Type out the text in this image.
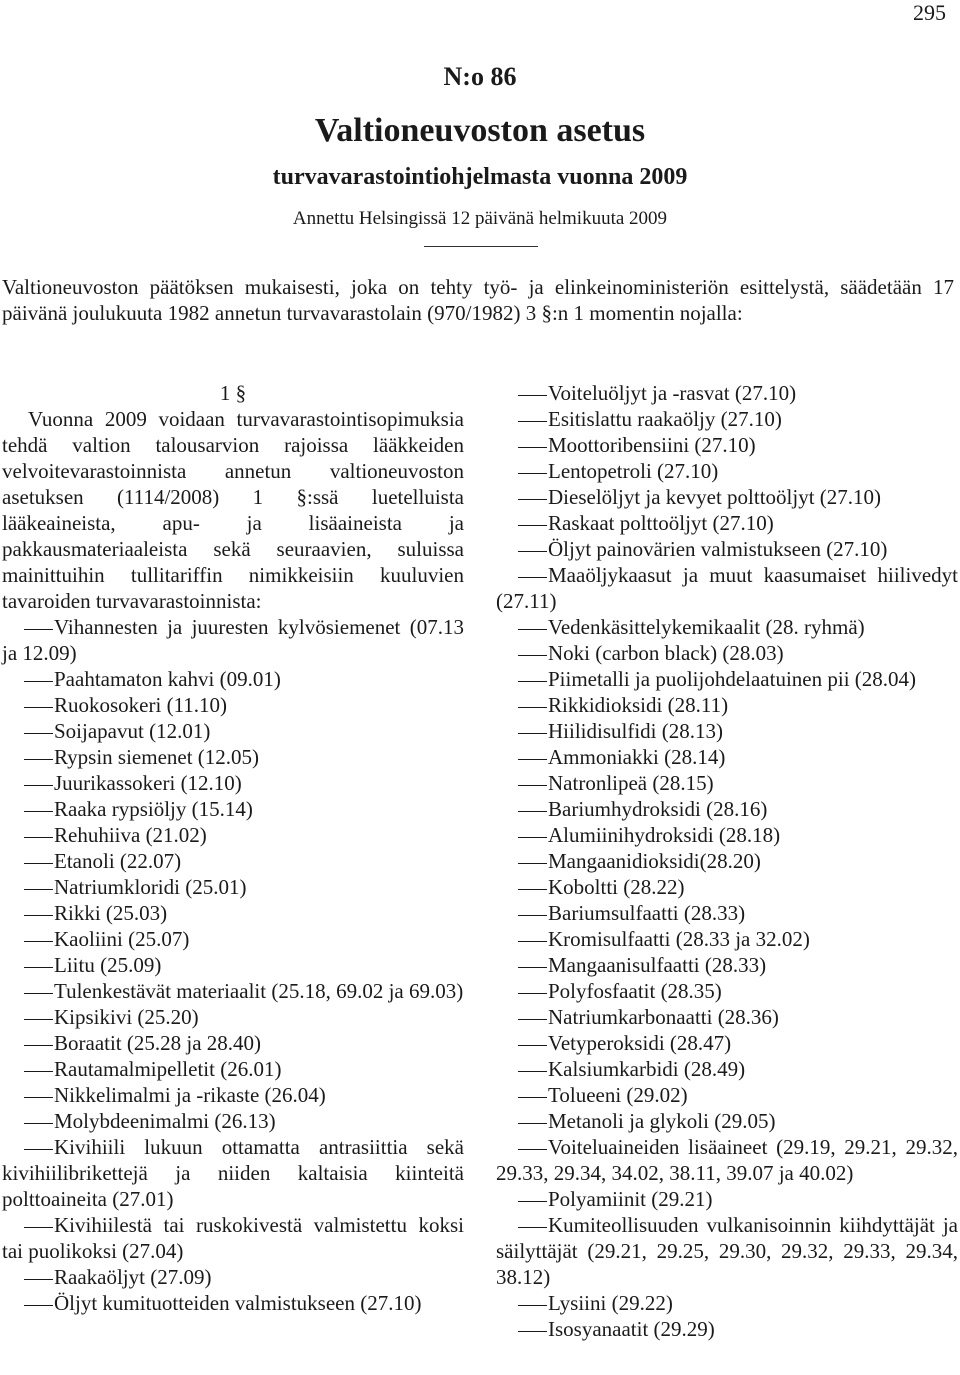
295
N:o 86
Valtioneuvoston asetus
turvavarastointiohjelmasta vuonna 2009
Annettu Helsingissä 12 päivänä helmikuuta 2009

Valtioneuvoston päätöksen mukaisesti, joka on tehty työ- ja elinkeinoministeriön esittelystä, säädetään 17 päivänä joulukuuta 1982 annetun turvavarastolain (970/1982) 3 §:n 1 momentin nojalla:

1 §

Vuonna 2009 voidaan turvavarastointisopimuksia tehdä valtion talousarvion rajoissa lääkkeiden velvoitevarastoinnista annetun valtioneuvoston asetuksen (1114/2008) 1 §:ssä luetelluista lääkeaineista, apu- ja lisäaineista ja pakkausmateriaaleista sekä seuraavien, suluissa mainittuihin tullitariffin nimikkeisiin kuuluvien tavaroiden turvavarastoinnista:

Vihannesten ja juuresten kylvösiemenet (07.13 ja 12.09)

Paahtamaton kahvi (09.01)

Ruokosokeri (11.10)

Soijapavut (12.01)

Rypsin siemenet (12.05)

Juurikassokeri (12.10)

Raaka rypsiöljy (15.14)

Rehuhiiva (21.02)

Etanoli (22.07)

Natriumkloridi (25.01)

Rikki (25.03)

Kaoliini (25.07)

Liitu (25.09)

Tulenkestävät materiaalit (25.18, 69.02 ja 69.03)

Kipsikivi (25.20)

Boraatit (25.28 ja 28.40)

Rautamalmipelletit (26.01)

Nikkelimalmi ja -rikaste (26.04)

Molybdeenimalmi (26.13)

Kivihiili lukuun ottamatta antrasiittia sekä kivihiilibrikettejä ja niiden kaltaisia kiinteitä polttoaineita (27.01)

Kivihiilestä tai ruskokivestä valmistettu koksi tai puolikoksi (27.04)

Raakaöljyt (27.09)

Öljyt kumituotteiden valmistukseen (27.10)

Voiteluöljyt ja -rasvat (27.10)

Esitislattu raakaöljy (27.10)

Moottoribensiini (27.10)

Lentopetroli (27.10)

Dieselöljyt ja kevyet polttoöljyt (27.10)

Raskaat polttoöljyt (27.10)

Öljyt painovärien valmistukseen (27.10)

Maaöljykaasut ja muut kaasumaiset hiilivedyt (27.11)

Vedenkäsittelykemikaalit (28. ryhmä)

Noki (carbon black) (28.03)

Piimetalli ja puolijohdelaatuinen pii (28.04)

Rikkidioksidi (28.11)

Hiilidisulfidi (28.13)

Ammoniakki (28.14)

Natronlipeä (28.15)

Bariumhydroksidi (28.16)

Alumiinihydroksidi (28.18)

Mangaanidioksidi(28.20)

Koboltti (28.22)

Bariumsulfaatti (28.33)

Kromisulfaatti (28.33 ja 32.02)

Mangaanisulfaatti (28.33)

Polyfosfaatit (28.35)

Natriumkarbonaatti (28.36)

Vetyperoksidi (28.47)

Kalsiumkarbidi (28.49)

Tolueeni (29.02)

Metanoli ja glykoli (29.05)

Voiteluaineiden lisäaineet (29.19, 29.21, 29.32, 29.33, 29.34, 34.02, 38.11, 39.07 ja 40.02)

Polyamiinit (29.21)

Kumiteollisuuden vulkanisoinnin kiihdyttäjät ja säilyttäjät (29.21, 29.25, 29.30, 29.32, 29.33, 29.34, 38.12)

Lysiini (29.22)

Isosyanaatit (29.29)
